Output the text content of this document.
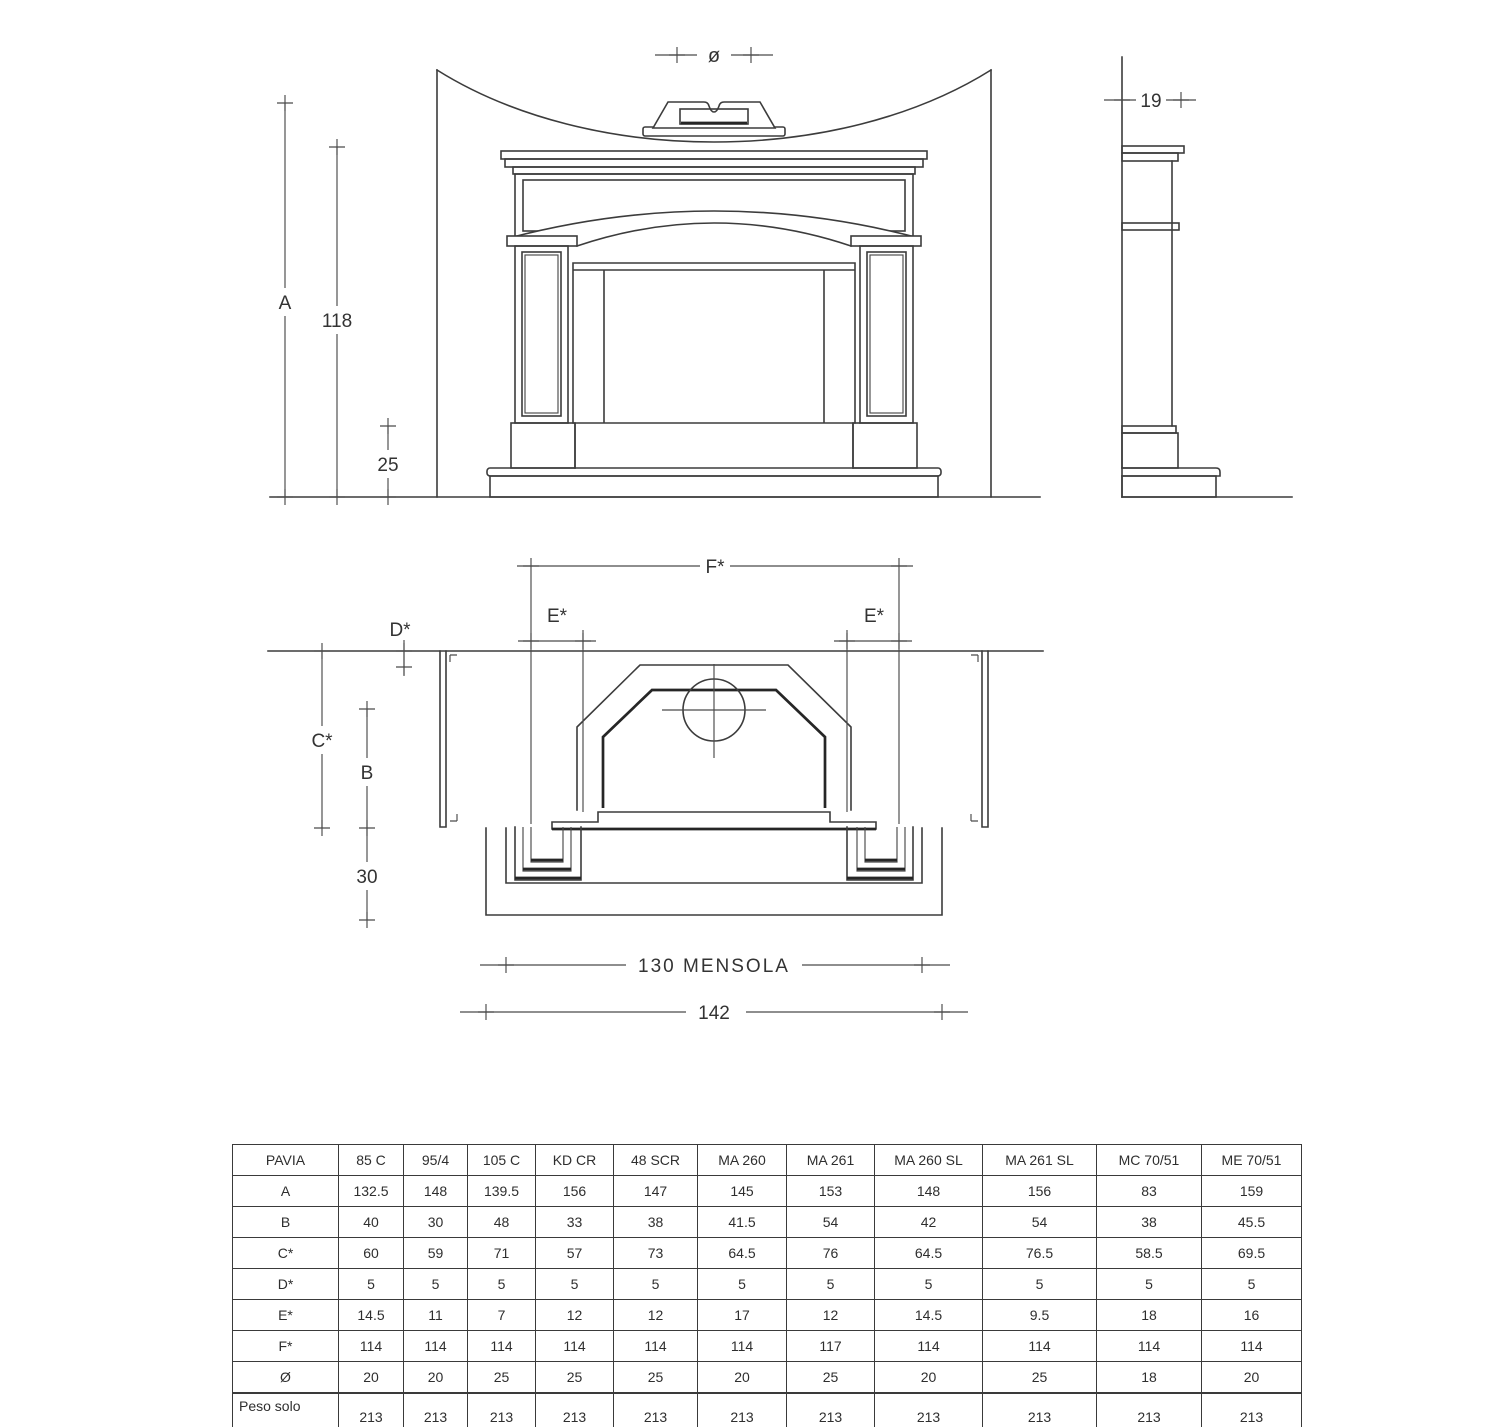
ø
A
118
25
19
F*
E*	E*
D*
C*
B
30
130 MENSOLA
142
PAVIA	85 C	95/4	105 C	KD CR	48 SCR	MA 260	MA 261	MA 260 SL	MA 261 SL	MC 70/51	ME 70/51
A	132.5	148	139.5	156	147	145	153	148	156	83	159
B	40	30	48	33	38	41.5	54	42	54	38	45.5
C*	60	59	71	57	73	64.5	76	64.5	76.5	58.5	69.5
D*	5	5	5	5	5	5	5	5	5	5	5
E*	14.5	11	7	12	12	17	12	14.5	9.5	18	16
F*	114	114	114	114	114	114	117	114	114	114	114
Ø	20	20	25	25	25	20	25	20	25	18	20
Peso solo	213	213	213	213	213	213	213	213	213	213	213
